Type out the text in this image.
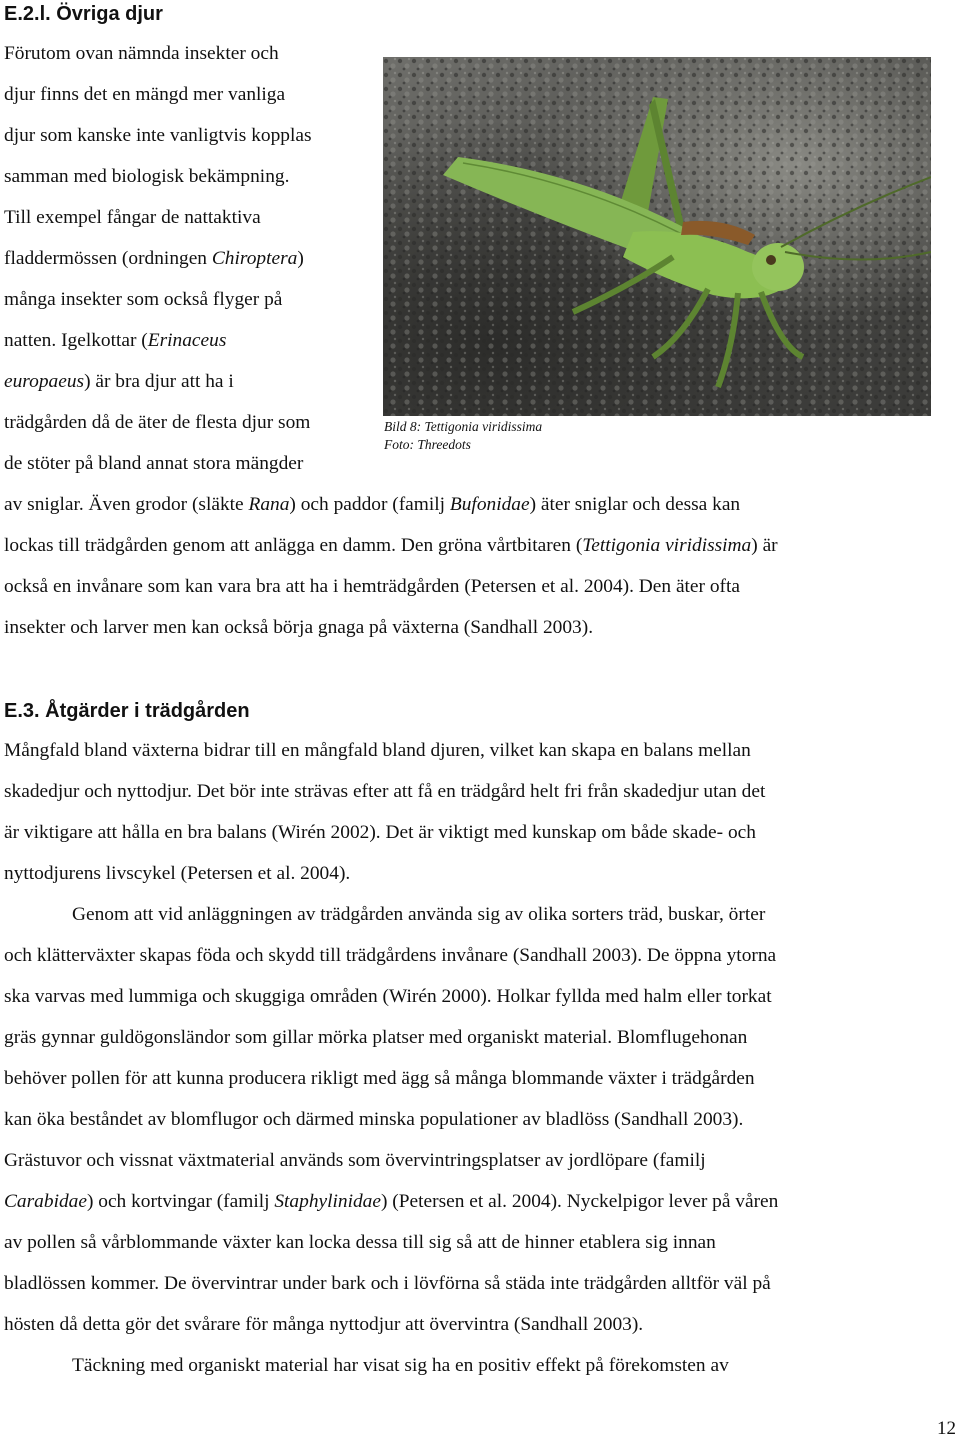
E.2.l. Övriga djur
Förutom ovan nämnda insekter och
djur finns det en mängd mer vanliga
djur som kanske inte vanligtvis kopplas
samman med biologisk bekämpning.
Till exempel fångar de nattaktiva
fladdermössen (ordningen Chiroptera)
många insekter som också flyger på
natten. Igelkottar (Erinaceus
europaeus) är bra djur att ha i
trädgården då de äter de flesta djur som
de stöter på bland annat stora mängder
Bild 8: Tettigonia viridissima
Foto: Threedots
av sniglar. Även grodor (släkte Rana) och paddor (familj Bufonidae) äter sniglar och dessa kan
lockas till trädgården genom att anlägga en damm. Den gröna vårtbitaren (Tettigonia viridissima) är
också en invånare som kan vara bra att ha i hemträdgården (Petersen et al. 2004). Den äter ofta
insekter och larver men kan också börja gnaga på växterna (Sandhall 2003).
E.3. Åtgärder i trädgården
Mångfald bland växterna bidrar till en mångfald bland djuren, vilket kan skapa en balans mellan
skadedjur och nyttodjur. Det bör inte strävas efter att få en trädgård helt fri från skadedjur utan det
är viktigare att hålla en bra balans (Wirén 2002). Det är viktigt med kunskap om både skade- och
nyttodjurens livscykel (Petersen et al. 2004).
Genom att vid anläggningen av trädgården använda sig av olika sorters träd, buskar, örter
och klätterväxter skapas föda och skydd till trädgårdens invånare (Sandhall 2003). De öppna ytorna
ska varvas med lummiga och skuggiga områden (Wirén 2000). Holkar fyllda med halm eller torkat
gräs gynnar guldögonsländor som gillar mörka platser med organiskt material. Blomflugehonan
behöver pollen för att kunna producera rikligt med ägg så många blommande växter i trädgården
kan öka beståndet av blomflugor och därmed minska populationer av bladlöss (Sandhall 2003).
Grästuvor och vissnat växtmaterial används som övervintringsplatser av jordlöpare (familj
Carabidae) och kortvingar (familj Staphylinidae) (Petersen et al. 2004). Nyckelpigor lever på våren
av pollen så vårblommande växter kan locka dessa till sig så att de hinner etablera sig innan
bladlössen kommer. De övervintrar under bark och i lövförna så städa inte trädgården alltför väl på
hösten då detta gör det svårare för många nyttodjur att övervintra (Sandhall 2003).
Täckning med organiskt material har visat sig ha en positiv effekt på förekomsten av
12
